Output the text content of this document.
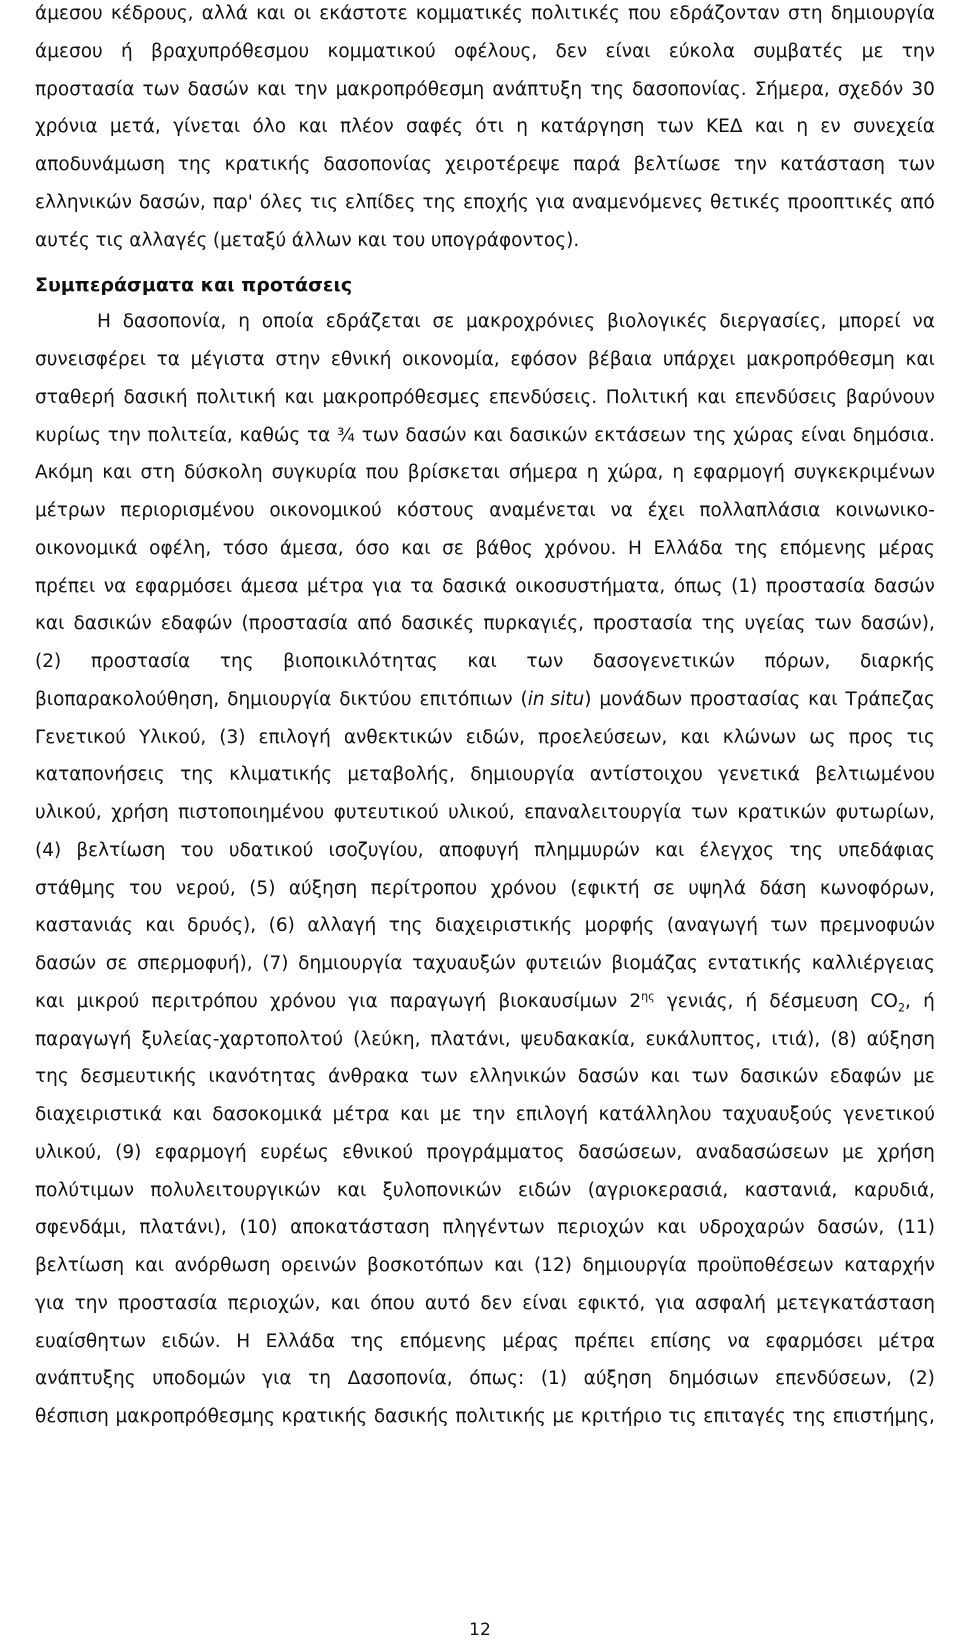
άμεσου κέδρους, αλλά και οι εκάστοτε κομματικές πολιτικές που εδράζονταν στη δημιουργία
άμεσου ή βραχυπρόθεσμου κομματικού οφέλους, δεν είναι εύκολα συμβατές με την
προστασία των δασών και την μακροπρόθεσμη ανάπτυξη της δασοπονίας. Σήμερα, σχεδόν 30
χρόνια μετά, γίνεται όλο και πλέον σαφές ότι η κατάργηση των ΚΕΔ και η εν συνεχεία
αποδυνάμωση της κρατικής δασοπονίας χειροτέρεψε παρά βελτίωσε την κατάσταση των
ελληνικών δασών, παρ' όλες τις ελπίδες της εποχής για αναμενόμενες θετικές προοπτικές από
αυτές τις αλλαγές (μεταξύ άλλων και του υπογράφοντος).
Συμπεράσματα και προτάσεις
Η δασοπονία, η οποία εδράζεται σε μακροχρόνιες βιολογικές διεργασίες, μπορεί να
συνεισφέρει τα μέγιστα στην εθνική οικονομία, εφόσον βέβαια υπάρχει μακροπρόθεσμη και
σταθερή δασική πολιτική και μακροπρόθεσμες επενδύσεις. Πολιτική και επενδύσεις βαρύνουν
κυρίως την πολιτεία, καθώς τα ¾ των δασών και δασικών εκτάσεων της χώρας είναι δημόσια.
Ακόμη και στη δύσκολη συγκυρία που βρίσκεται σήμερα η χώρα, η εφαρμογή συγκεκριμένων
μέτρων περιορισμένου οικονομικού κόστους αναμένεται να έχει πολλαπλάσια κοινωνικο-
οικονομικά οφέλη, τόσο άμεσα, όσο και σε βάθος χρόνου. Η Ελλάδα της επόμενης μέρας
πρέπει να εφαρμόσει άμεσα μέτρα για τα δασικά οικοσυστήματα, όπως (1) προστασία δασών
και δασικών εδαφών (προστασία από δασικές πυρκαγιές, προστασία της υγείας των δασών),
(2) προστασία της βιοποικιλότητας και των δασογενετικών πόρων, διαρκής
βιοπαρακολούθηση, δημιουργία δικτύου επιτόπιων (in situ) μονάδων προστασίας και Τράπεζας
Γενετικού Υλικού, (3) επιλογή ανθεκτικών ειδών, προελεύσεων, και κλώνων ως προς τις
καταπονήσεις της κλιματικής μεταβολής, δημιουργία αντίστοιχου γενετικά βελτιωμένου
υλικού, χρήση πιστοποιημένου φυτευτικού υλικού, επαναλειτουργία των κρατικών φυτωρίων,
(4) βελτίωση του υδατικού ισοζυγίου, αποφυγή πλημμυρών και έλεγχος της υπεδάφιας
στάθμης του νερού, (5) αύξηση περίτροπου χρόνου (εφικτή σε υψηλά δάση κωνοφόρων,
καστανιάς και δρυός), (6) αλλαγή της διαχειριστικής μορφής (αναγωγή των πρεμνοφυών
δασών σε σπερμοφυή), (7) δημιουργία ταχυαυξών φυτειών βιομάζας εντατικής καλλιέργειας
και μικρού περιτρόπου χρόνου για παραγωγή βιοκαυσίμων $2^{\eta\varsigma}$ γενιάς, ή δέσμευση $CO_2$, ή
παραγωγή ξυλείας-χαρτοπολτού (λεύκη, πλατάνι, ψευδακακία, ευκάλυπτος, ιτιά), (8) αύξηση
της δεσμευτικής ικανότητας άνθρακα των ελληνικών δασών και των δασικών εδαφών με
διαχειριστικά και δασοκομικά μέτρα και με την επιλογή κατάλληλου ταχυαυξούς γενετικού
υλικού, (9) εφαρμογή ευρέως εθνικού προγράμματος δασώσεων, αναδασώσεων με χρήση
πολύτιμων πολυλειτουργικών και ξυλοπονικών ειδών (αγριοκερασιά, καστανιά, καρυδιά,
σφενδάμι, πλατάνι), (10) αποκατάσταση πληγέντων περιοχών και υδροχαρών δασών, (11)
βελτίωση και ανόρθωση ορεινών βοσκοτόπων και (12) δημιουργία προϋποθέσεων καταρχήν
για την προστασία περιοχών, και όπου αυτό δεν είναι εφικτό, για ασφαλή μετεγκατάσταση
ευαίσθητων ειδών. Η Ελλάδα της επόμενης μέρας πρέπει επίσης να εφαρμόσει μέτρα
ανάπτυξης υποδομών για τη Δασοπονία, όπως: (1) αύξηση δημόσιων επενδύσεων, (2)
θέσπιση μακροπρόθεσμης κρατικής δασικής πολιτικής με κριτήριο τις επιταγές της επιστήμης,
12
